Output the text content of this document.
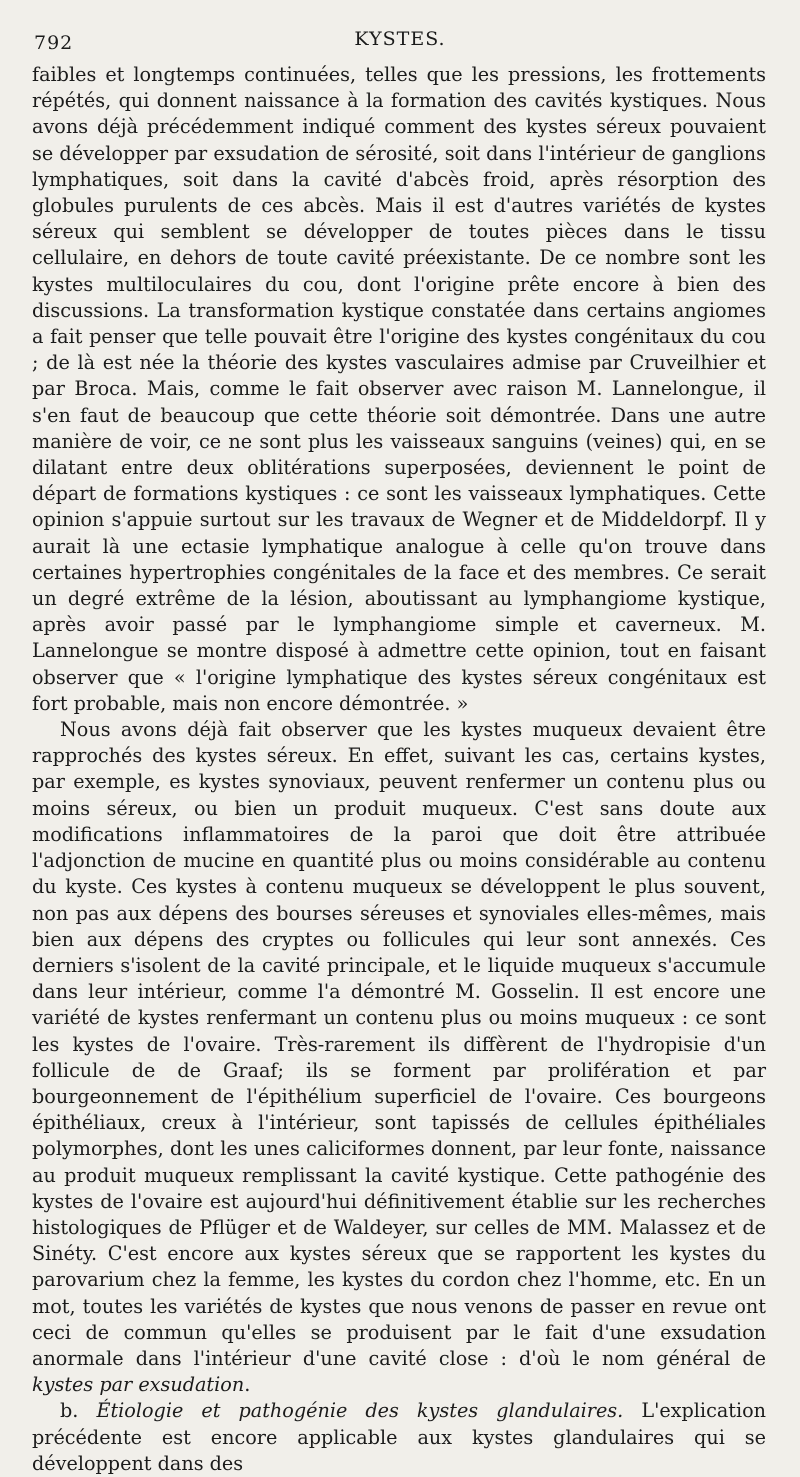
792	KYSTES.

faibles et longtemps continuées, telles que les pressions, les frottements répétés, qui donnent naissance à la formation des cavités kystiques. Nous avons déjà précédemment indiqué comment des kystes séreux pouvaient se développer par exsudation de sérosité, soit dans l'intérieur de ganglions lymphatiques, soit dans la cavité d'abcès froid, après résorption des globules purulents de ces abcès. Mais il est d'autres variétés de kystes séreux qui semblent se développer de toutes pièces dans le tissu cellulaire, en dehors de toute cavité préexistante. De ce nombre sont les kystes multiloculaires du cou, dont l'origine prête encore à bien des discussions. La transformation kystique constatée dans certains angiomes a fait penser que telle pouvait être l'origine des kystes congénitaux du cou ; de là est née la théorie des kystes vasculaires admise par Cruveilhier et par Broca. Mais, comme le fait observer avec raison M. Lannelongue, il s'en faut de beaucoup que cette théorie soit démontrée. Dans une autre manière de voir, ce ne sont plus les vaisseaux sanguins (veines) qui, en se dilatant entre deux oblitérations superposées, deviennent le point de départ de formations kystiques : ce sont les vaisseaux lymphatiques. Cette opinion s'appuie surtout sur les travaux de Wegner et de Middeldorpf. Il y aurait là une ectasie lymphatique analogue à celle qu'on trouve dans certaines hypertrophies congénitales de la face et des membres. Ce serait un degré extrême de la lésion, aboutissant au lymphangiome kystique, après avoir passé par le lymphangiome simple et caverneux. M. Lannelongue se montre disposé à admettre cette opinion, tout en faisant observer que « l'origine lymphatique des kystes séreux congénitaux est fort probable, mais non encore démontrée. »

Nous avons déjà fait observer que les kystes muqueux devaient être rapprochés des kystes séreux. En effet, suivant les cas, certains kystes, par exemple, es kystes synoviaux, peuvent renfermer un contenu plus ou moins séreux, ou bien un produit muqueux. C'est sans doute aux modifications inflammatoires de la paroi que doit être attribuée l'adjonction de mucine en quantité plus ou moins considérable au contenu du kyste. Ces kystes à contenu muqueux se développent le plus souvent, non pas aux dépens des bourses séreuses et synoviales elles-mêmes, mais bien aux dépens des cryptes ou follicules qui leur sont annexés. Ces derniers s'isolent de la cavité principale, et le liquide muqueux s'accumule dans leur intérieur, comme l'a démontré M. Gosselin. Il est encore une variété de kystes renfermant un contenu plus ou moins muqueux : ce sont les kystes de l'ovaire. Très-rarement ils diffèrent de l'hydropisie d'un follicule de de Graaf; ils se forment par prolifération et par bourgeonnement de l'épithélium superficiel de l'ovaire. Ces bourgeons épithéliaux, creux à l'intérieur, sont tapissés de cellules épithéliales polymorphes, dont les unes caliciformes donnent, par leur fonte, naissance au produit muqueux remplissant la cavité kystique. Cette pathogénie des kystes de l'ovaire est aujourd'hui définitivement établie sur les recherches histologiques de Pflüger et de Waldeyer, sur celles de MM. Malassez et de Sinéty. C'est encore aux kystes séreux que se rapportent les kystes du parovarium chez la femme, les kystes du cordon chez l'homme, etc. En un mot, toutes les variétés de kystes que nous venons de passer en revue ont ceci de commun qu'elles se produisent par le fait d'une exsudation anormale dans l'intérieur d'une cavité close : d'où le nom général de kystes par exsudation.

b. Étiologie et pathogénie des kystes glandulaires. L'explication précédente est encore applicable aux kystes glandulaires qui se développent dans des
